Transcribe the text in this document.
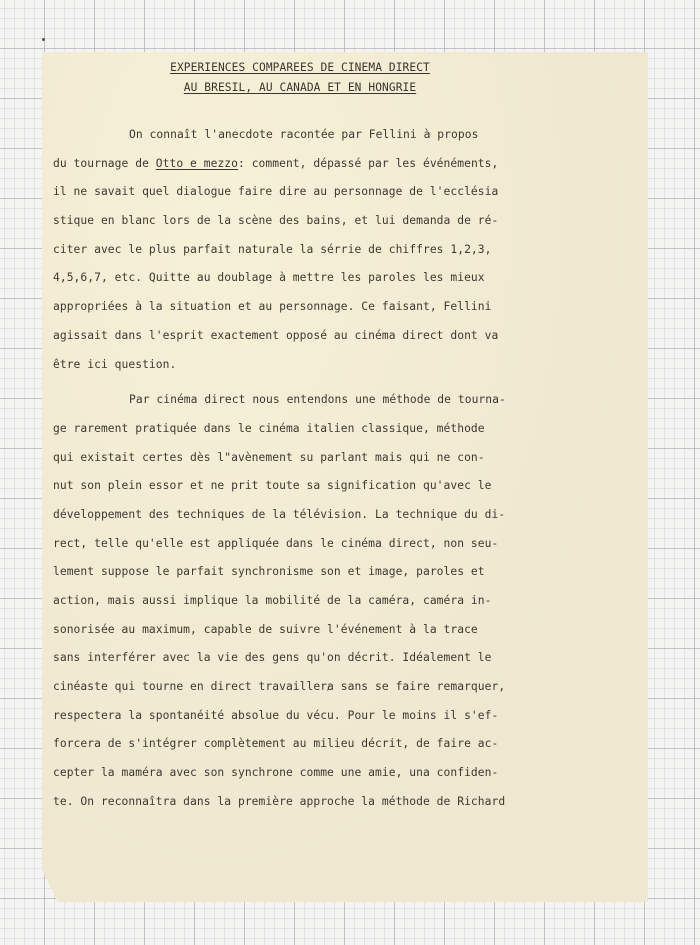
EXPERIENCES COMPAREES DE CINEMA DIRECT
AU BRESIL, AU CANADA ET EN HONGRIE
On connaît l'anecdote racontée par Fellini à propos
du tournage de Otto e mezzo: comment, dépassé par les événéments,
il ne savait quel dialogue faire dire au personnage de l'ecclésia
stique en blanc lors de la scène des bains, et lui demanda de ré-
citer avec le plus parfait naturale la sérrie de chiffres 1,2,3,
4,5,6,7, etc. Quitte au doublage à mettre les paroles les mieux
appropriées à la situation et au personnage. Ce faisant, Fellini
agissait dans l'esprit exactement opposé au cinéma direct dont va
être ici question.
Par cinéma direct nous entendons une méthode de tourna-
ge rarement pratiquée dans le cinéma italien classique, méthode
qui existait certes dès l"avènement su parlant mais qui ne con-
nut son plein essor et ne prit toute sa signification qu'avec le
développement des techniques de la télévision. La technique du di-
rect, telle qu'elle est appliquée dans le cinéma direct, non seu-
lement suppose le parfait synchronisme son et image, paroles et
action, mais aussi implique la mobilité de la caméra, caméra in-
sonorisée au maximum, capable de suivre l'événement à la trace
sans interférer avec la vie des gens qu'on décrit. Idéalement le
cinéaste qui tourne en direct travaillera sans se faire remarquer,
respectera la spontanéité absolue du vécu. Pour le moins il s'ef-
forcera de s'intégrer complètement au milieu décrit, de faire ac-
cepter la maméra avec son synchrone comme une amie, una confiden-
te. On reconnaîtra dans la première approche la méthode de Richard
